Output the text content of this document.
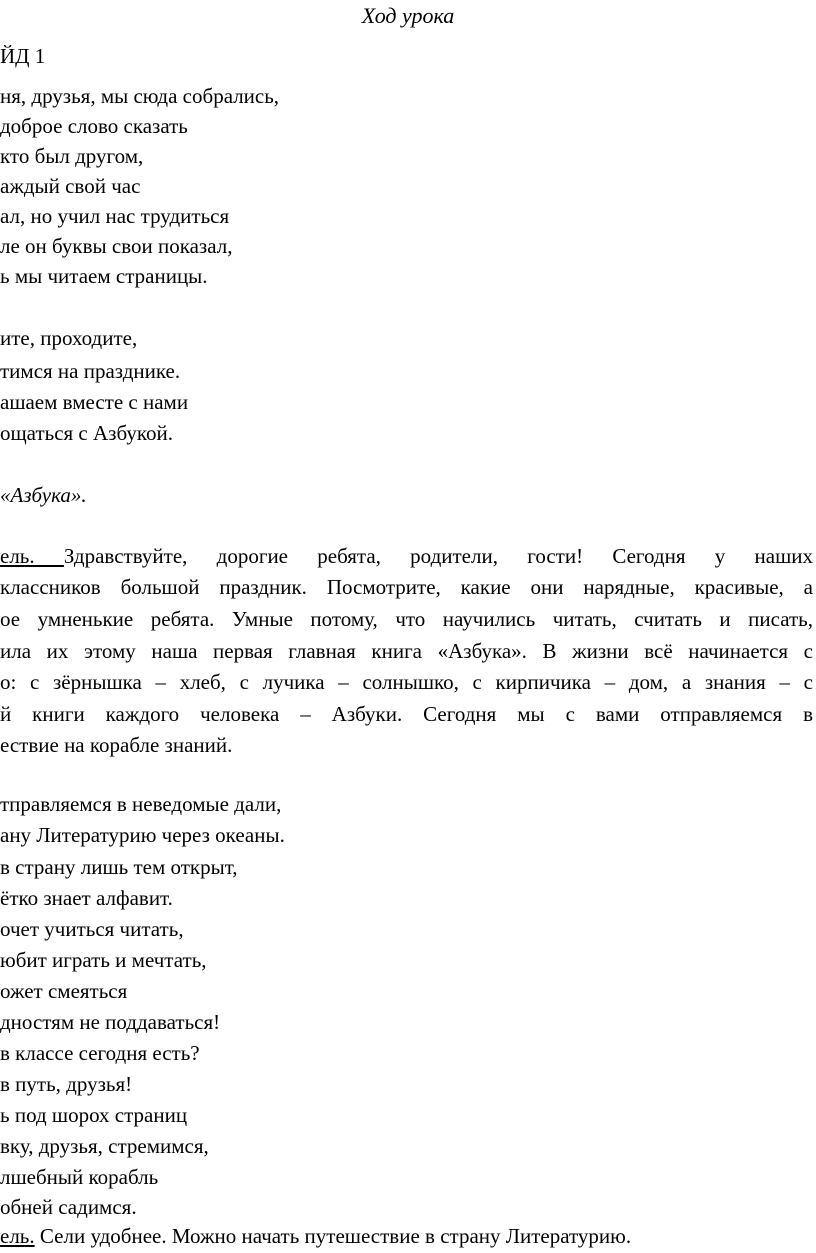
Ход урока
ЙД 1
ня, друзья, мы сюда собрались,
доброе слово сказать
кто был другом,
аждый свой час
ал, но учил нас трудиться
ле он буквы свои показал,
ь мы читаем страницы.
ите, проходите,
тимся на празднике.
ашаем вместе с нами
ощаться с Азбукой.
«Азбука».
ель. Здравствуйте, дорогие ребята, родители, гости! Сегодня у наших
классников большой праздник. Посмотрите, какие они нарядные, красивые, а
ое умненькие ребята. Умные потому, что научились читать, считать и писать,
ила их этому наша первая главная книга «Азбука». В жизни всё начинается с
о: с зёрнышка – хлеб, с лучика – солнышко, с кирпичика – дом, а знания – с
й книги каждого человека – Азбуки. Сегодня мы с вами отправляемся в
ествие на корабле знаний.
тправляемся в неведомые дали,
ану Литературию через океаны.
в страну лишь тем открыт,
ётко знает алфавит.
очет учиться читать,
юбит играть и мечтать,
ожет смеяться
дностям не поддаваться!
в классе сегодня есть?
в путь, друзья!
ь под шорох страниц
вку, друзья, стремимся,
лшебный корабль
обней садимся.
ель. Сели удобнее. Можно начать путешествие в страну Литературию.
